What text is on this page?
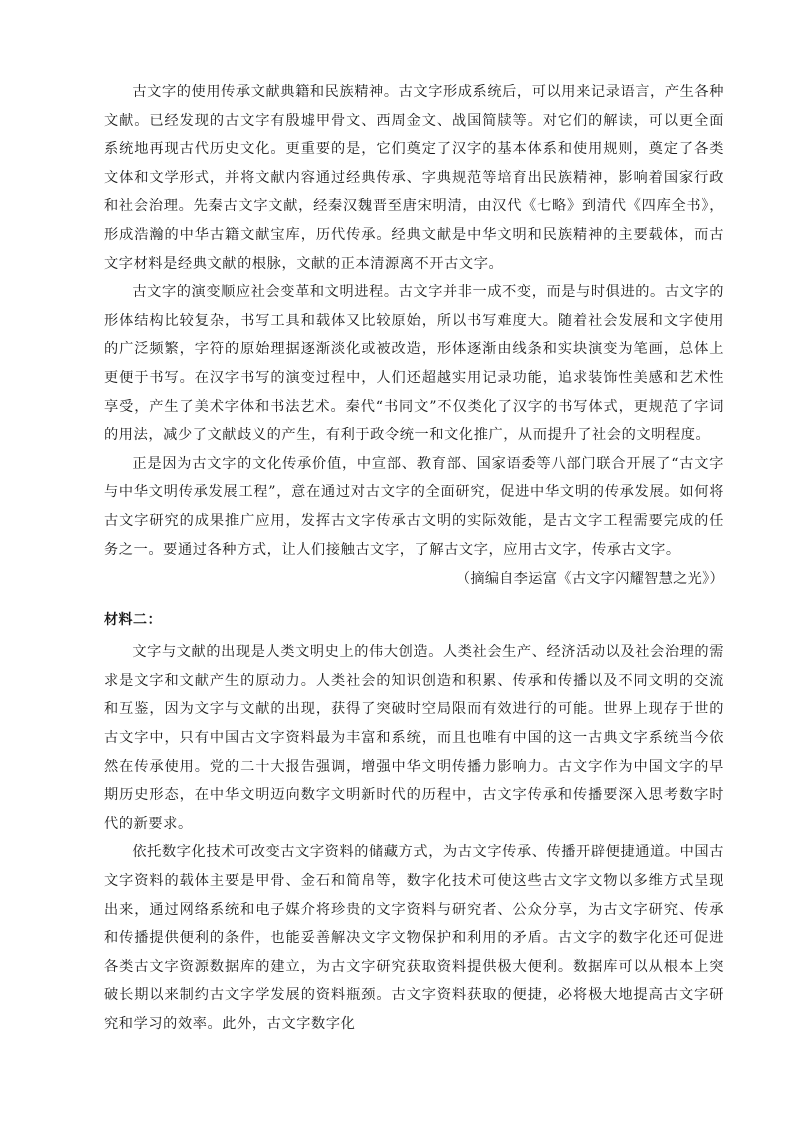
古文字的使用传承文献典籍和民族精神。古文字形成系统后，可以用来记录语言，产生各种文献。已经发现的古文字有殷墟甲骨文、西周金文、战国简牍等。对它们的解读，可以更全面系统地再现古代历史文化。更重要的是，它们奠定了汉字的基本体系和使用规则，奠定了各类文体和文学形式，并将文献内容通过经典传承、字典规范等培育出民族精神，影响着国家行政和社会治理。先秦古文字文献，经秦汉魏晋至唐宋明清，由汉代《七略》到清代《四库全书》，形成浩瀚的中华古籍文献宝库，历代传承。经典文献是中华文明和民族精神的主要载体，而古文字材料是经典文献的根脉，文献的正本清源离不开古文字。

古文字的演变顺应社会变革和文明进程。古文字并非一成不变，而是与时俱进的。古文字的形体结构比较复杂，书写工具和载体又比较原始，所以书写难度大。随着社会发展和文字使用的广泛频繁，字符的原始理据逐渐淡化或被改造，形体逐渐由线条和实块演变为笔画，总体上更便于书写。在汉字书写的演变过程中，人们还超越实用记录功能，追求装饰性美感和艺术性享受，产生了美术字体和书法艺术。秦代“书同文”不仅类化了汉字的书写体式，更规范了字词的用法，减少了文献歧义的产生，有利于政令统一和文化推广，从而提升了社会的文明程度。

正是因为古文字的文化传承价值，中宣部、教育部、国家语委等八部门联合开展了“古文字与中华文明传承发展工程”，意在通过对古文字的全面研究，促进中华文明的传承发展。如何将古文字研究的成果推广应用，发挥古文字传承古文明的实际效能，是古文字工程需要完成的任务之一。要通过各种方式，让人们接触古文字，了解古文字，应用古文字，传承古文字。

（摘编自李运富《古文字闪耀智慧之光》）

材料二：

文字与文献的出现是人类文明史上的伟大创造。人类社会生产、经济活动以及社会治理的需求是文字和文献产生的原动力。人类社会的知识创造和积累、传承和传播以及不同文明的交流和互鉴，因为文字与文献的出现，获得了突破时空局限而有效进行的可能。世界上现存于世的古文字中，只有中国古文字资料最为丰富和系统，而且也唯有中国的这一古典文字系统当今依然在传承使用。党的二十大报告强调，增强中华文明传播力影响力。古文字作为中国文字的早期历史形态，在中华文明迈向数字文明新时代的历程中，古文字传承和传播要深入思考数字时代的新要求。

依托数字化技术可改变古文字资料的储藏方式，为古文字传承、传播开辟便捷通道。中国古文字资料的载体主要是甲骨、金石和简帛等，数字化技术可使这些古文字文物以多维方式呈现出来，通过网络系统和电子媒介将珍贵的文字资料与研究者、公众分享，为古文字研究、传承和传播提供便利的条件，也能妥善解决文字文物保护和利用的矛盾。古文字的数字化还可促进各类古文字资源数据库的建立，为古文字研究获取资料提供极大便利。数据库可以从根本上突破长期以来制约古文字学发展的资料瓶颈。古文字资料获取的便捷，必将极大地提高古文字研究和学习的效率。此外，古文字数字化
